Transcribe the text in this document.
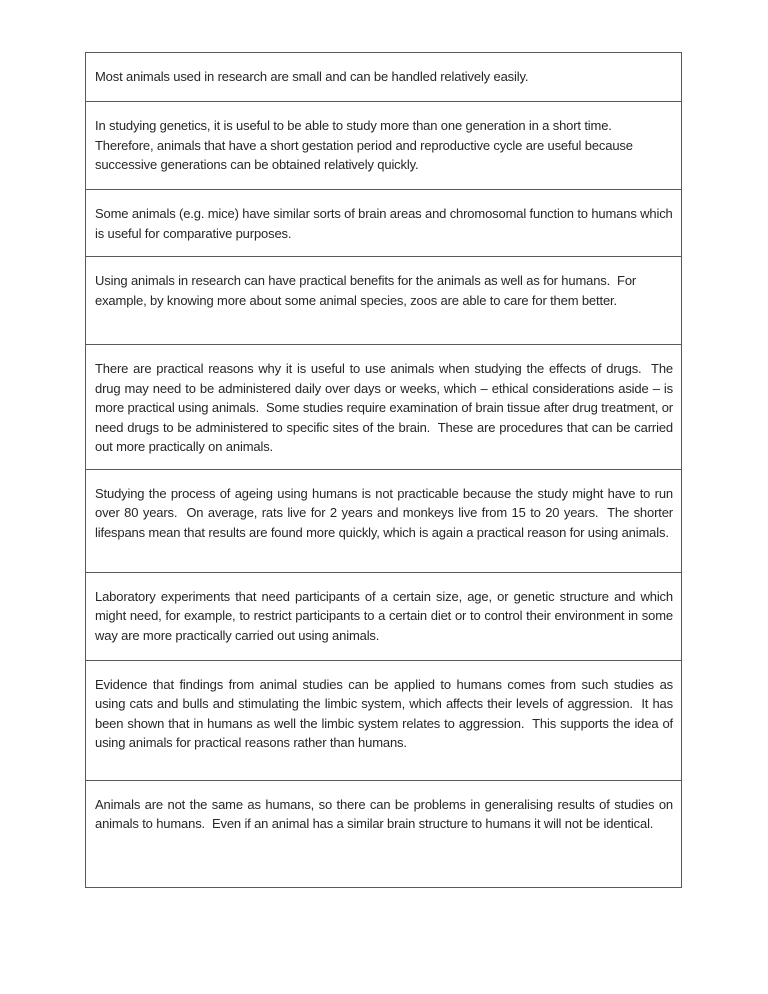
Most animals used in research are small and can be handled relatively easily.
In studying genetics, it is useful to be able to study more than one generation in a short time.  Therefore, animals that have a short gestation period and reproductive cycle are useful because successive generations can be obtained relatively quickly.
Some animals (e.g. mice) have similar sorts of brain areas and chromosomal function to humans which is useful for comparative purposes.
Using animals in research can have practical benefits for the animals as well as for humans.  For example, by knowing more about some animal species, zoos are able to care for them better.
There are practical reasons why it is useful to use animals when studying the effects of drugs.  The drug may need to be administered daily over days or weeks, which – ethical considerations aside – is more practical using animals.  Some studies require examination of brain tissue after drug treatment, or need drugs to be administered to specific sites of the brain.  These are procedures that can be carried out more practically on animals.
Studying the process of ageing using humans is not practicable because the study might have to run over 80 years.  On average, rats live for 2 years and monkeys live from 15 to 20 years.  The shorter lifespans mean that results are found more quickly, which is again a practical reason for using animals.
Laboratory experiments that need participants of a certain size, age, or genetic structure and which might need, for example, to restrict participants to a certain diet or to control their environment in some way are more practically carried out using animals.
Evidence that findings from animal studies can be applied to humans comes from such studies as using cats and bulls and stimulating the limbic system, which affects their levels of aggression.  It has been shown that in humans as well the limbic system relates to aggression.  This supports the idea of using animals for practical reasons rather than humans.
Animals are not the same as humans, so there can be problems in generalising results of studies on animals to humans.  Even if an animal has a similar brain structure to humans it will not be identical.
